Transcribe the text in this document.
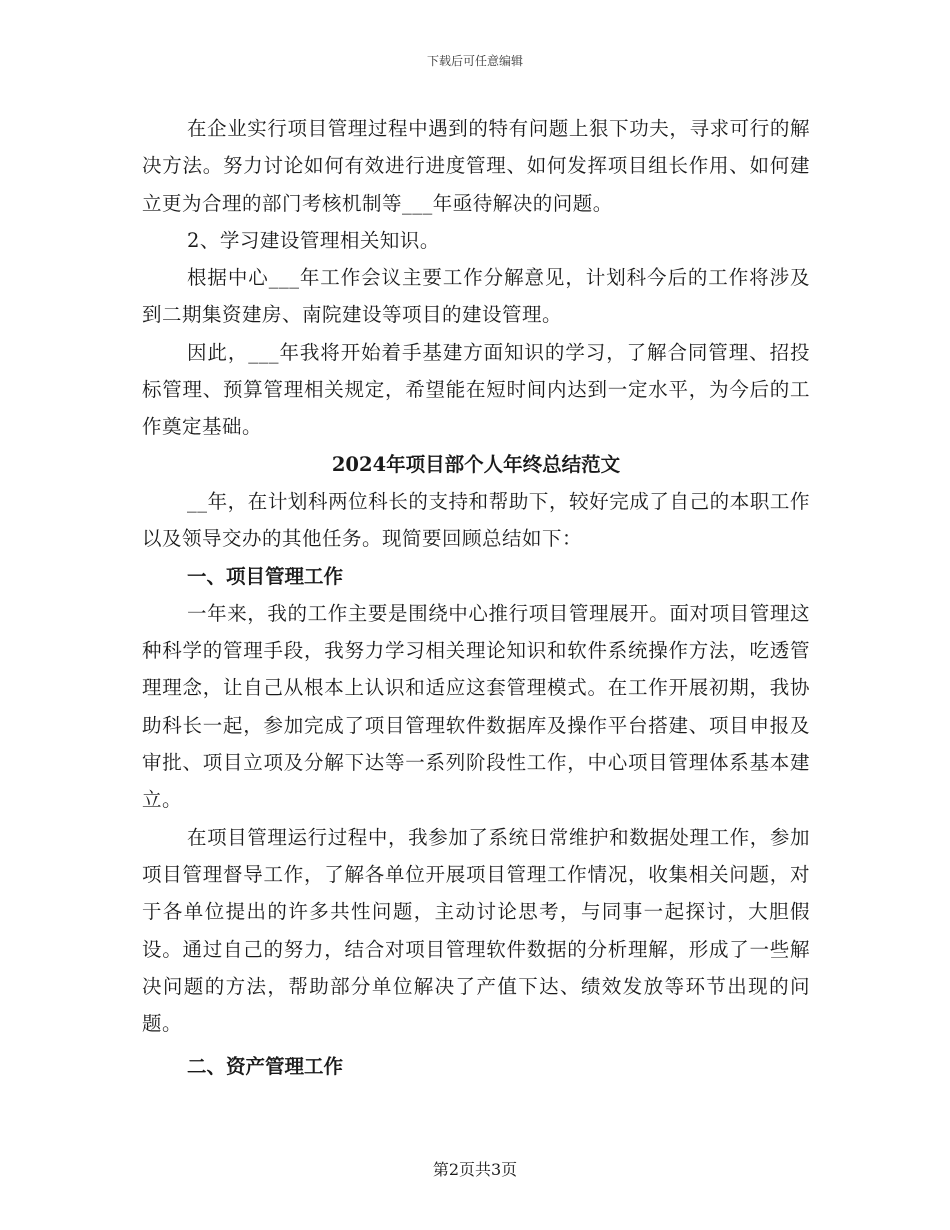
下载后可任意编辑

在企业实行项目管理过程中遇到的特有问题上狠下功夫，寻求可行的解决方法。努力讨论如何有效进行进度管理、如何发挥项目组长作用、如何建立更为合理的部门考核机制等___年亟待解决的问题。

2、学习建设管理相关知识。

根据中心___年工作会议主要工作分解意见，计划科今后的工作将涉及到二期集资建房、南院建设等项目的建设管理。

因此，___年我将开始着手基建方面知识的学习，了解合同管理、招投标管理、预算管理相关规定，希望能在短时间内达到一定水平，为今后的工作奠定基础。

2024年项目部个人年终总结范文

__年，在计划科两位科长的支持和帮助下，较好完成了自己的本职工作以及领导交办的其他任务。现简要回顾总结如下：

一、项目管理工作

一年来，我的工作主要是围绕中心推行项目管理展开。面对项目管理这种科学的管理手段，我努力学习相关理论知识和软件系统操作方法，吃透管理理念，让自己从根本上认识和适应这套管理模式。在工作开展初期，我协助科长一起，参加完成了项目管理软件数据库及操作平台搭建、项目申报及审批、项目立项及分解下达等一系列阶段性工作，中心项目管理体系基本建立。

在项目管理运行过程中，我参加了系统日常维护和数据处理工作，参加项目管理督导工作，了解各单位开展项目管理工作情况，收集相关问题，对于各单位提出的许多共性问题，主动讨论思考，与同事一起探讨，大胆假设。通过自己的努力，结合对项目管理软件数据的分析理解，形成了一些解决问题的方法，帮助部分单位解决了产值下达、绩效发放等环节出现的问题。

二、资产管理工作

第2页共3页
